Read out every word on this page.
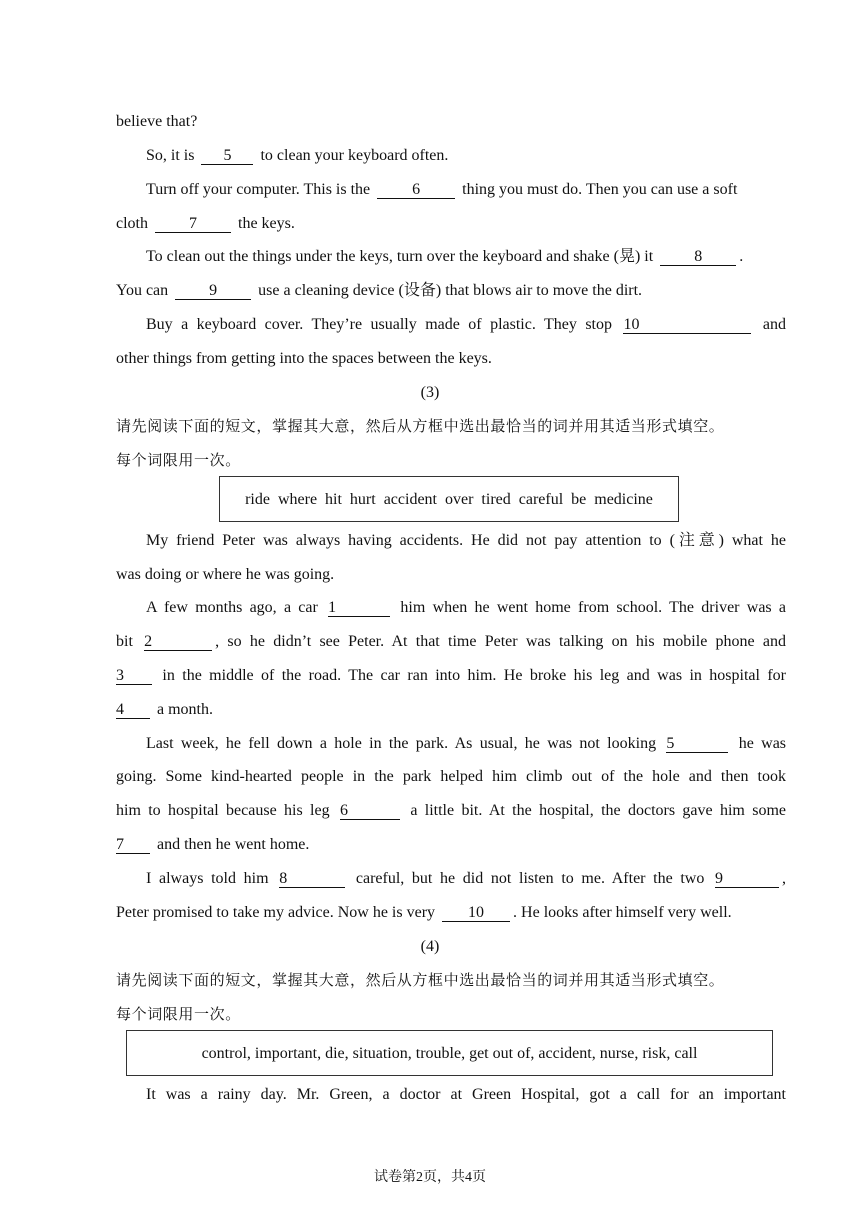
believe that?
So, it is 5 to clean your keyboard often.
Turn off your computer. This is the	6	thing you must do. Then you can use a soft
cloth	7	the keys.
To clean out the things under the keys, turn over the keyboard and shake (晃) it	8 .
You can	9	use a cleaning device (设备) that blows air to move the dirt.
Buy a keyboard cover. They’re usually made of plastic. They stop 10	and
other things from getting into the spaces between the keys.
(3)
请先阅读下面的短文，掌握其大意，然后从方框中选出最恰当的词并用其适当形式填空。
每个词限用一次。
ride  where  hit  hurt  accident  over  tired  careful  be  medicine
My friend Peter was always having accidents. He did not pay attention to (注意) what he
was doing or where he was going.
A few months ago, a car 1	him when he went home from school. The driver was a
bit 2	, so he didn’t see Peter. At that time Peter was talking on his mobile phone and
3 in the middle of the road. The car ran into him. He broke his leg and was in hospital for
4 a month.
Last week, he fell down a hole in the park. As usual, he was not looking 5	he was
going. Some kind-hearted people in the park helped him climb out of the hole and then took
him to hospital because his leg 6	a little bit. At the hospital, the doctors gave him some
7 and then he went home.
I always told him 8	careful, but he did not listen to me. After the two 9	,
Peter promised to take my advice. Now he is very 10 . He looks after himself very well.
(4)
请先阅读下面的短文，掌握其大意，然后从方框中选出最恰当的词并用其适当形式填空。
每个词限用一次。
control, important, die, situation, trouble, get out of, accident, nurse, risk, call
It was a rainy day. Mr. Green, a doctor at Green Hospital, got a call for an important
试卷第2页，共4页
